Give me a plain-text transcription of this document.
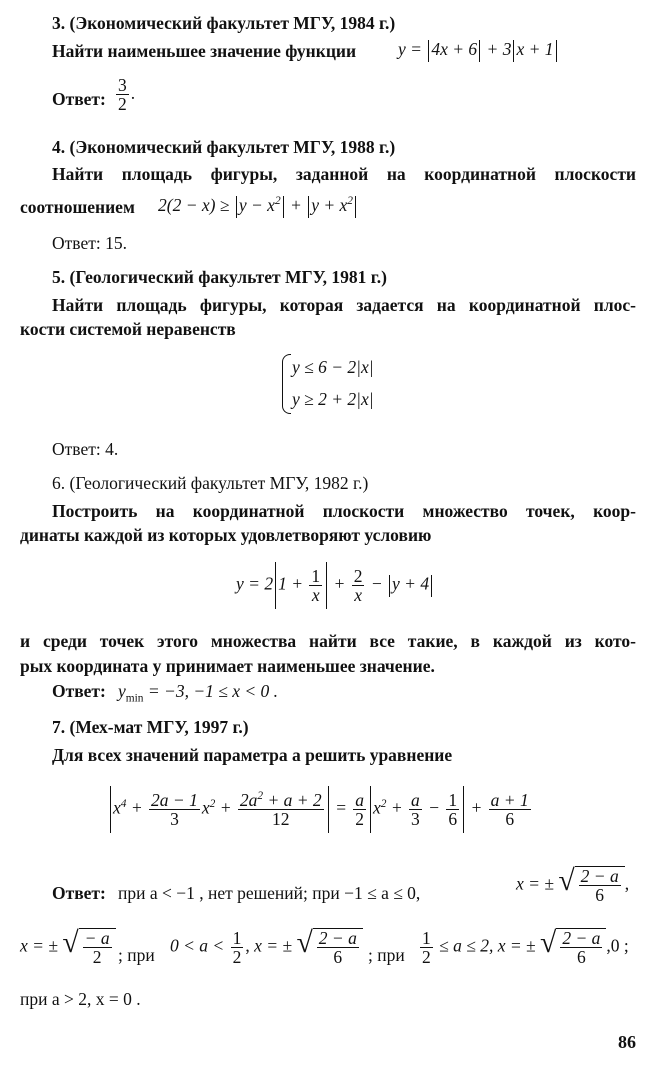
3. (Экономический факультет МГУ, 1984 г.)
Найти наименьшее значение функции y = 4x + 6 + 3 x + 1
Ответ: $\frac{3}{2}$ .
4. (Экономический факультет МГУ, 1988 г.)
Найти площадь фигуры, заданной на координатной плоскости
соотношением $2(2 - x) \ge y - x^2 + y + x^2$
Ответ: 15.
5. (Геологический факультет МГУ, 1981 г.)
Найти площадь фигуры, которая задается на координатной плос-
кости системой неравенств
y ≤ 6 − 2|x|
y ≥ 2 + 2|x|
Ответ: 4.
6. (Геологический факультет МГУ, 1982 г.)
Построить на координатной плоскости множество точек, коор-
динаты каждой из которых удовлетворяют условию
y = 2 $1 + \frac{1}{x} + \frac{2}{x} - y + 4$
и среди точек этого множества найти все такие, в каждой из кото-
рых координата y принимает наименьшее значение.
Ответ: $y_{min} = -3$, −1 ≤ x < 0 .
7. (Мех-мат МГУ, 1997 г.)
Для всех значений параметра a решить уравнение
$x^4 + \frac{2a - 1}{3} x^2 + \frac{2a^2 + a + 2}{12} = \frac{a}{2} x^2 + \frac{a}{3} - \frac{1}{6} + \frac{a + 1}{6}$
Ответ: при a < −1 , нет решений; при −1 ≤ a ≤ 0,	x = ± √ $\frac{2 - a}{6}$ ,
x = ± √ $\frac{- a}{2}$ ; при $0 < a < \frac{1}{2}$ , x = ± √ $\frac{2 - a}{6}$ ; при $\frac{1}{2} \le a \le 2$, x = ± √ $\frac{2 - a}{6} ,0$ ;
при a > 2, x = 0 .
86
